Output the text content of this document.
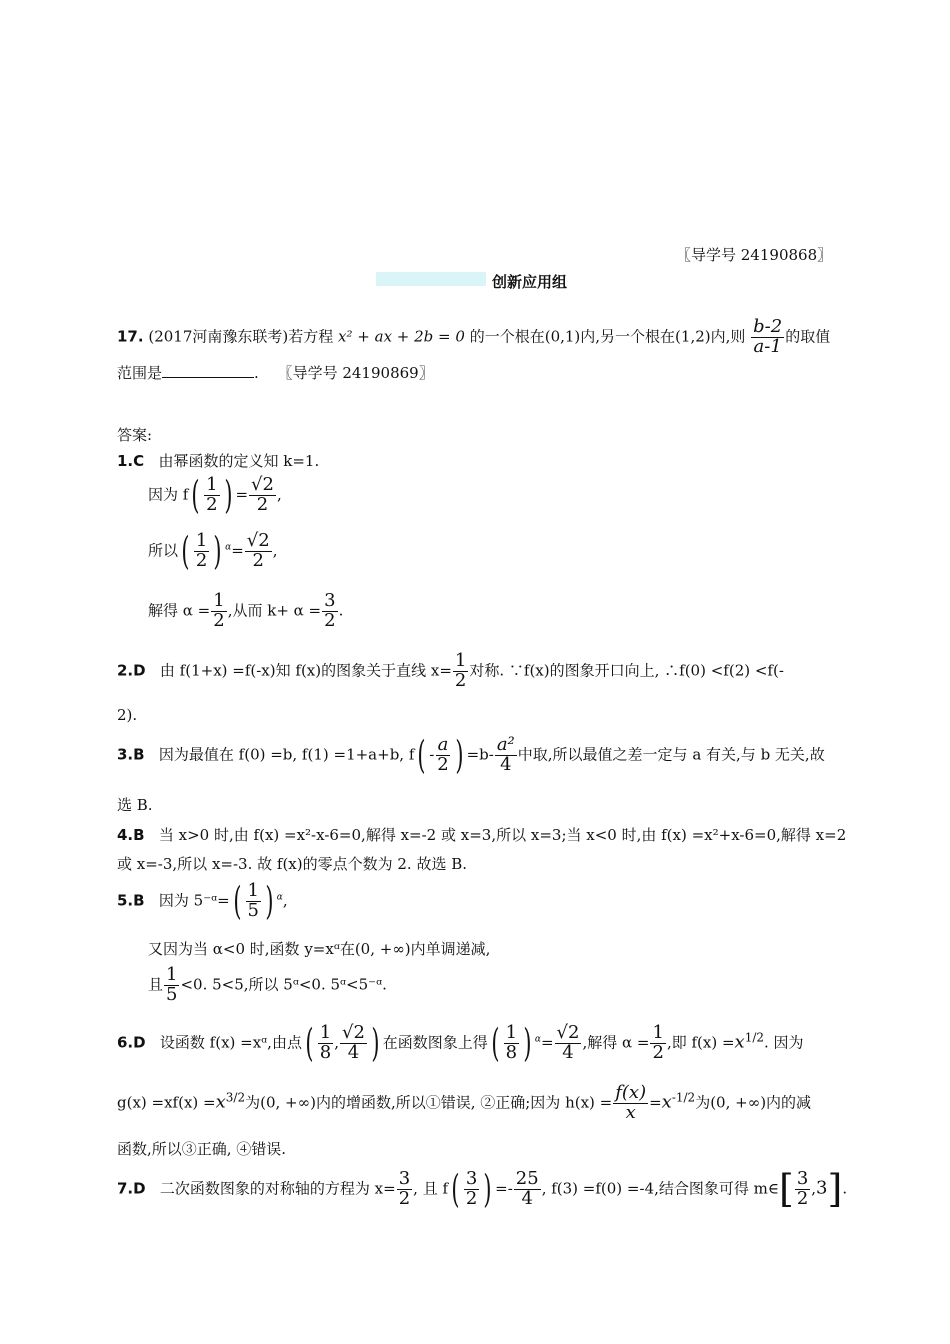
〖导学号 24190868〗
创新应用组
17. (2017河南豫东联考)若方程 x² + ax + 2b = 0 的一个根在(0,1)内,另一个根在(1,2)内,则 $\frac{b-2}{a-1}$ 的取值
范围是	. 〖导学号 24190869〗
答案:
1.C 由幂函数的定义知 k=1.
因为 $f( \frac{1}{2}$ ) = $\frac{√2}{2}$ ,
所以( $\frac{1}{2}$ ) $^\alpha= \frac{√2}{2}$ ,
解得 $\alpha = \frac{1}{2}$ ,从而 $k+ \alpha = \frac{3}{2}$ .
2.D 由 f(1+x) =f(-x)知 f(x)的图象关于直线 $x= \frac{1}{2}$ 对称. ∵f(x)的图象开口向上, ∴f(0) <f(2) <f(-
2).
3.B 因为最值在 f(0) =b, f(1) =1+a+b, $f( - \frac{a}{2}$ ) $=b- \frac{\text{a²}}{4}$ 中取,所以最值之差一定与 a 有关,与 b 无关,故
选 B.
4.B 当 x>0 时,由 f(x) =x²-x-6=0,解得 x=-2 或 x=3,所以 x=3;当 x<0 时,由 f(x) =x²+x-6=0,解得 x=2
或 x=-3,所以 x=-3. 故 f(x)的零点个数为 2. 故选 B.
5.B 因为 5⁻ᵅ=( $\frac{1}{5}$ ) $^\alpha$,
又因为当 α<0 时,函数 y=xᵅ在(0, +∞)内单调递减,
且 $\frac{1}{5} <0$. 5<5,所以 5ᵅ<0. 5ᵅ<5⁻ᵅ.
6.D 设函数 f(x) =xᵅ,由点( $\frac{1}{8}$ , $\frac{√2}{4}$ ) 在函数图象上得( $\frac{1}{8}$ ) $^\alpha= \frac{√2}{4}$ ,解得 $\alpha = \frac{1}{2}$ ,即 $f(x) =x^{1/2}$. 因为
$g(x) =xf(x) =x^{3/2}$为(0, +∞)内的增函数,所以①错误, ②正确;因为 $h(x) = \frac{f(x)}{x} =x^{-1/2}$为(0, +∞)内的减
函数,所以③正确, ④错误.
7.D 二次函数图象的对称轴的方程为 $x= \frac{3}{2}$ , 且 $f( \frac{3}{2}$ ) =- $\frac{25}{4}$ , f(3) =f(0) =-4,结合图象可得 m∈[ $\frac{3}{2} ,3$].
